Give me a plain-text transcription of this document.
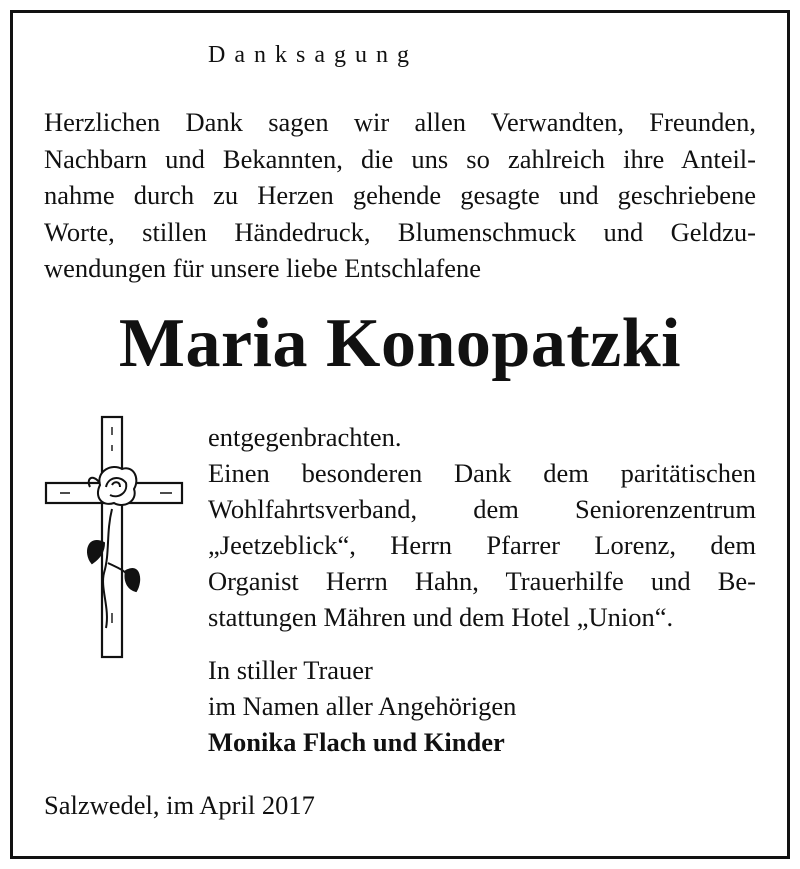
Danksagung
Herzlichen Dank sagen wir allen Verwandten, Freunden,
Nachbarn und Bekannten, die uns so zahlreich ihre Anteil-
nahme durch zu Herzen gehende gesagte und geschriebene
Worte, stillen Händedruck, Blumenschmuck und Geldzu-
wendungen für unsere liebe Entschlafene
Maria Konopatzki
entgegenbrachten.
Einen besonderen Dank dem paritätischen
Wohlfahrtsverband, dem Seniorenzentrum
„Jeetzeblick“, Herrn Pfarrer Lorenz, dem
Organist Herrn Hahn, Trauerhilfe und Be-
stattungen Mähren und dem Hotel „Union“.
In stiller Trauer
im Namen aller Angehörigen
Monika Flach und Kinder
Salzwedel, im April 2017
